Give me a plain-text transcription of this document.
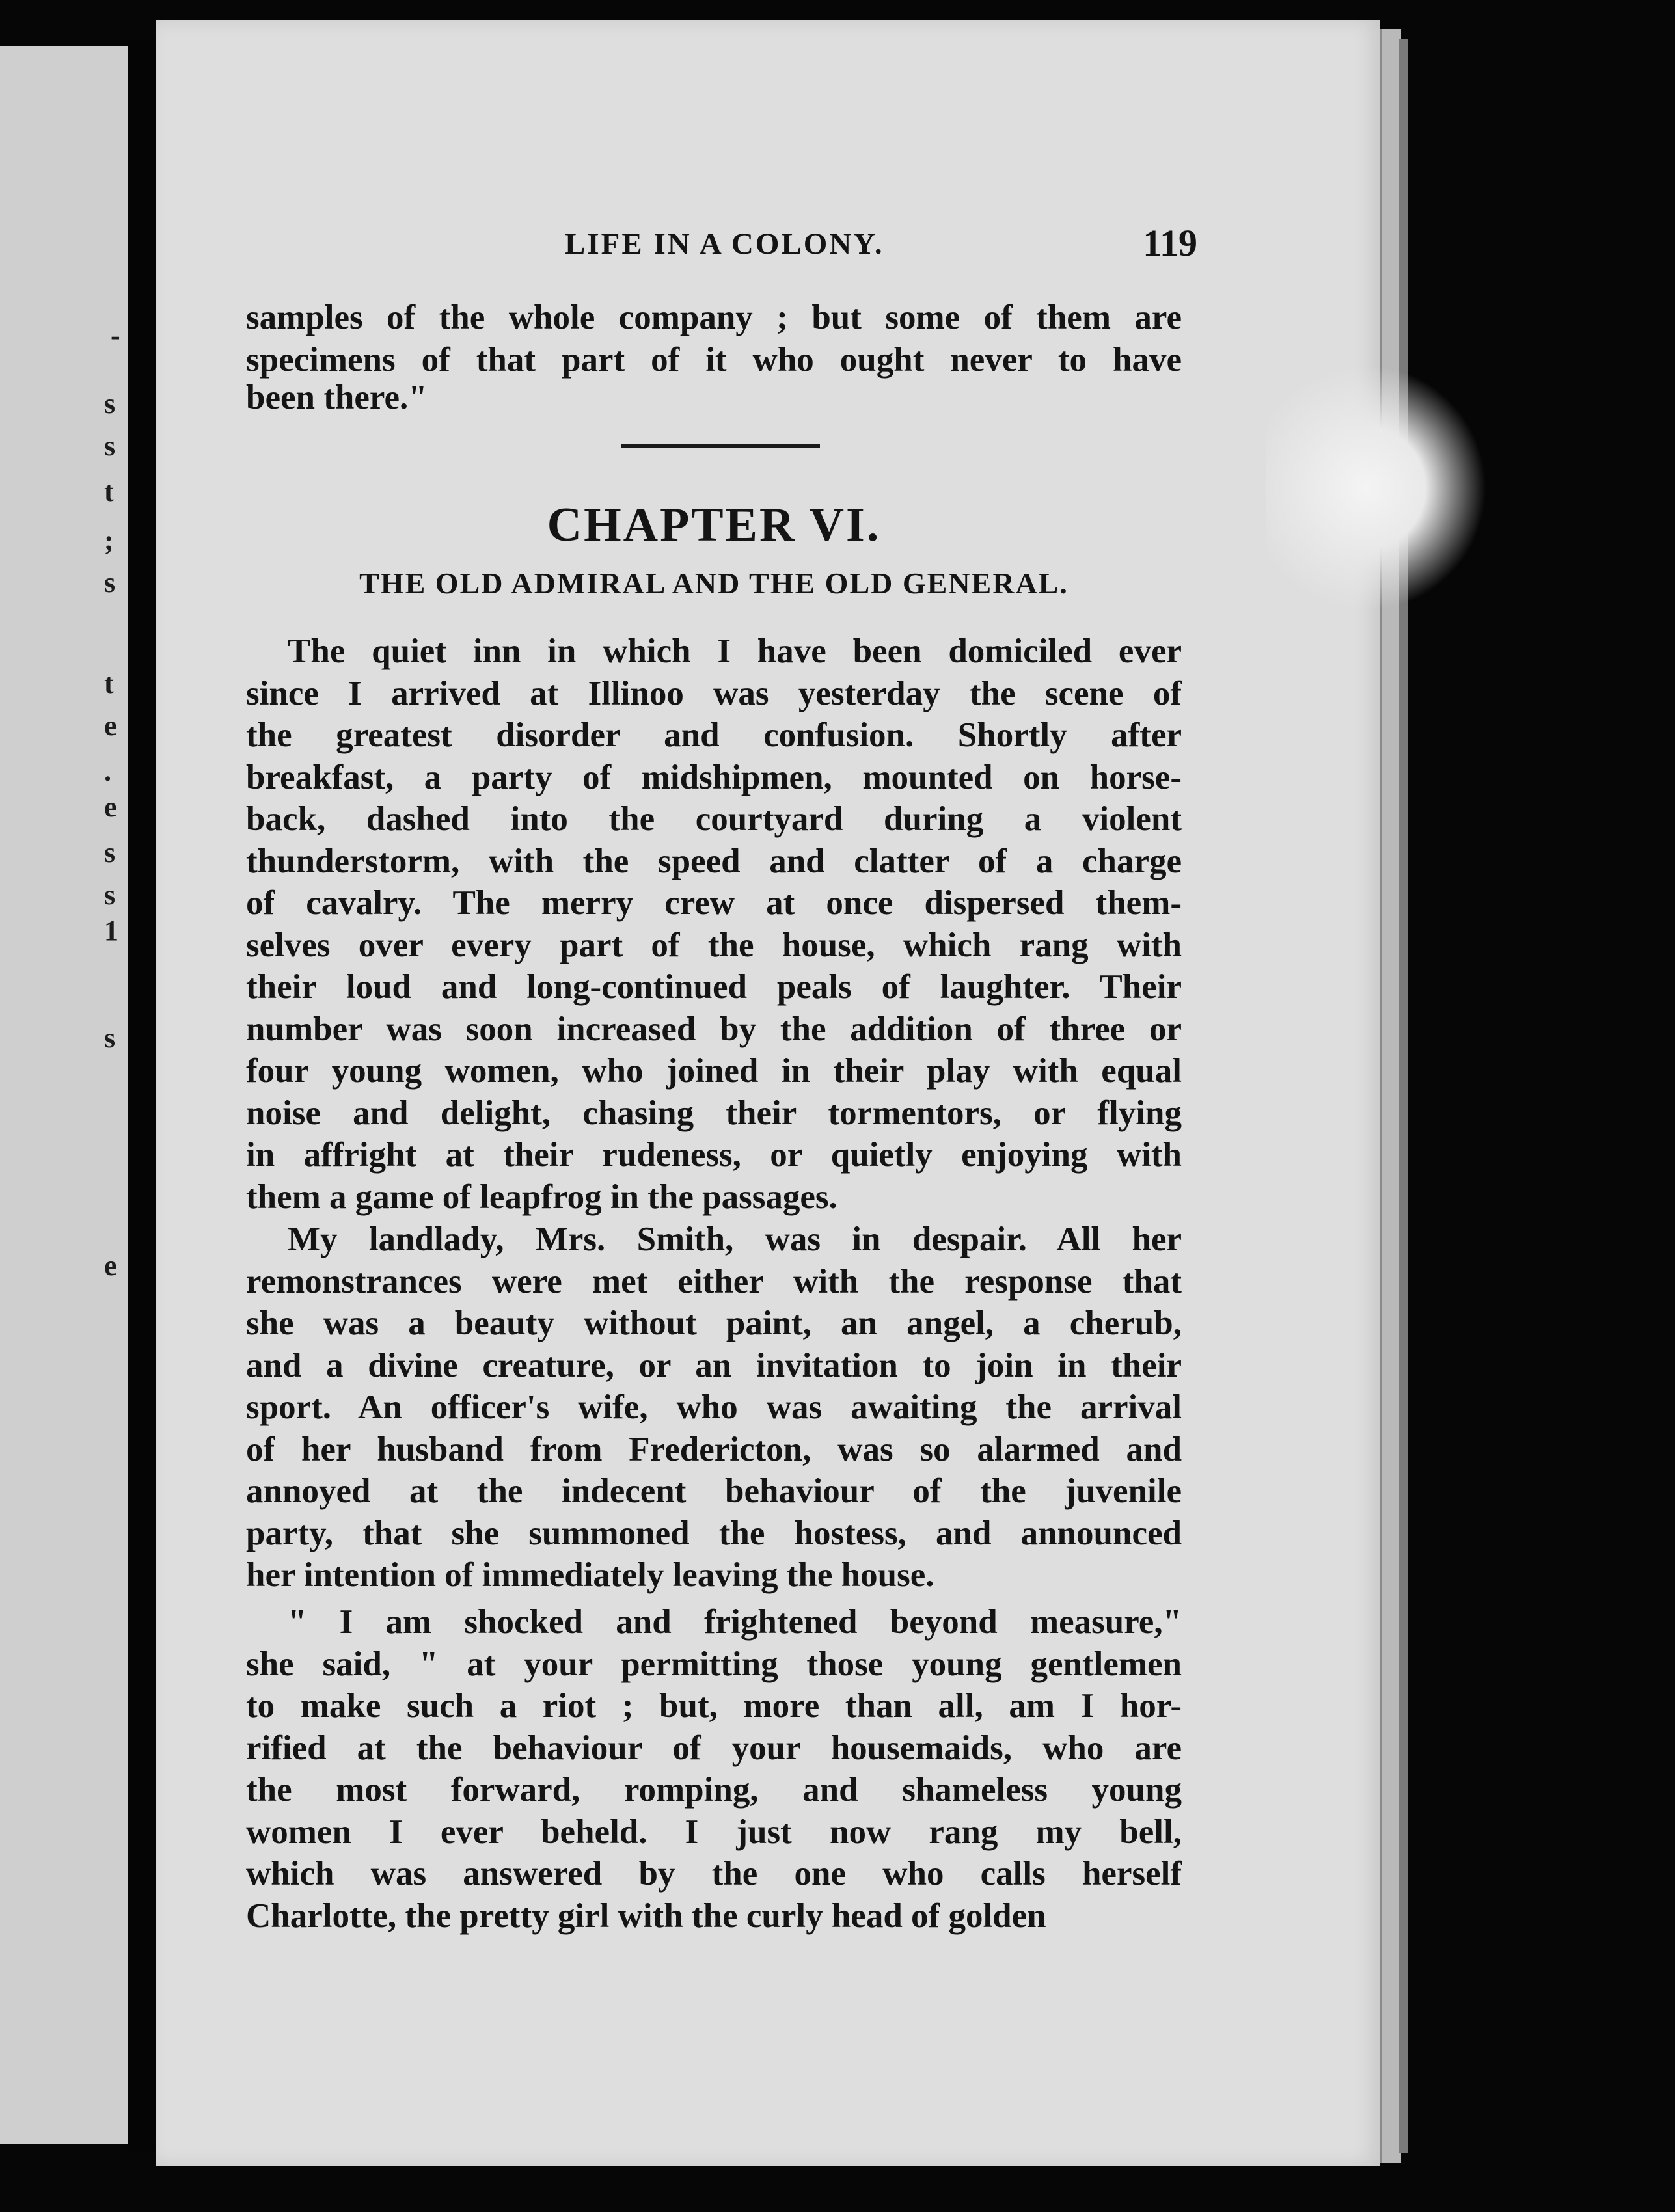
-
s
s
t
;
s
t
e
.
e
s
s
1
s
e
LIFE IN A COLONY.	119
samples of the whole company ; but some of them are
specimens of that part of it who ought never to have
been there."
CHAPTER VI.
THE OLD ADMIRAL AND THE OLD GENERAL.
The quiet inn in which I have been domiciled ever
since I arrived at Illinoo was yesterday the scene of
the greatest disorder and confusion. Shortly after
breakfast, a party of midshipmen, mounted on horse-
back, dashed into the courtyard during a violent
thunderstorm, with the speed and clatter of a charge
of cavalry. The merry crew at once dispersed them-
selves over every part of the house, which rang with
their loud and long-continued peals of laughter. Their
number was soon increased by the addition of three or
four young women, who joined in their play with equal
noise and delight, chasing their tormentors, or flying
in affright at their rudeness, or quietly enjoying with
them a game of leapfrog in the passages.
My landlady, Mrs. Smith, was in despair. All her
remonstrances were met either with the response that
she was a beauty without paint, an angel, a cherub,
and a divine creature, or an invitation to join in their
sport. An officer's wife, who was awaiting the arrival
of her husband from Fredericton, was so alarmed and
annoyed at the indecent behaviour of the juvenile
party, that she summoned the hostess, and announced
her intention of immediately leaving the house.
" I am shocked and frightened beyond measure,"
she said, " at your permitting those young gentlemen
to make such a riot ; but, more than all, am I hor-
rified at the behaviour of your housemaids, who are
the most forward, romping, and shameless young
women I ever beheld. I just now rang my bell,
which was answered by the one who calls herself
Charlotte, the pretty girl with the curly head of golden
